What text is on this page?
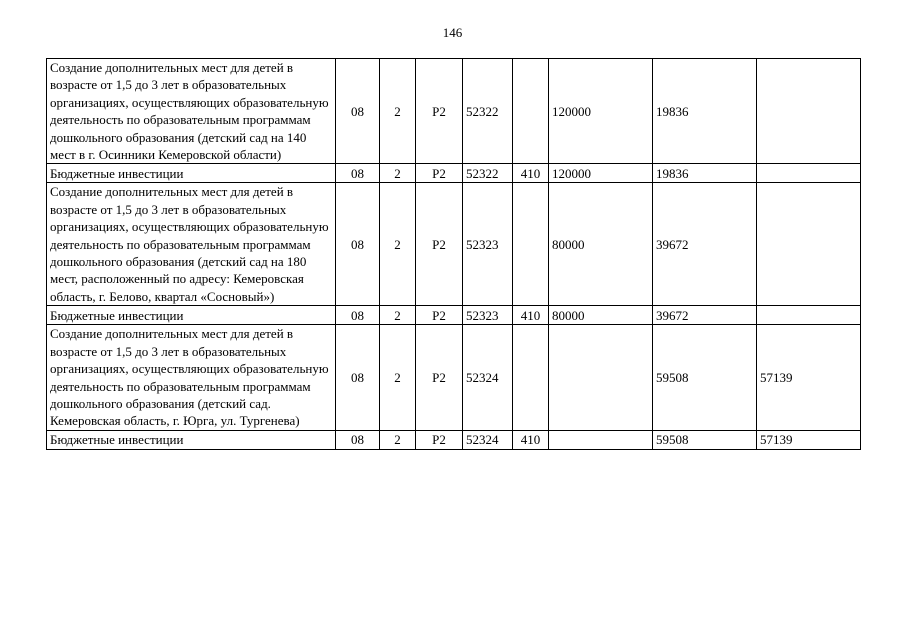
146
Создание дополнительных мест для детей в возрасте от 1,5 до 3 лет в образовательных организациях, осуществляющих образовательную деятельность по образовательным программам дошкольного образования (детский сад на 140 мест в г. Осинники Кемеровской области)	08	2	P2	52322		120000	19836	
Бюджетные инвестиции	08	2	P2	52322	410	120000	19836	
Создание дополнительных мест для детей в возрасте от 1,5 до 3 лет в образовательных организациях, осуществляющих образовательную деятельность по образовательным программам дошкольного образования (детский сад на 180 мест, расположенный по адресу: Кемеровская область, г. Белово, квартал «Сосновый»)	08	2	P2	52323		80000	39672	
Бюджетные инвестиции	08	2	P2	52323	410	80000	39672	
Создание дополнительных мест для детей в возрасте от 1,5 до 3 лет в образовательных организациях, осуществляющих образовательную деятельность по образовательным программам дошкольного образования (детский сад. Кемеровская область, г. Юрга, ул. Тургенева)	08	2	P2	52324			59508	57139
Бюджетные инвестиции	08	2	P2	52324	410		59508	57139
